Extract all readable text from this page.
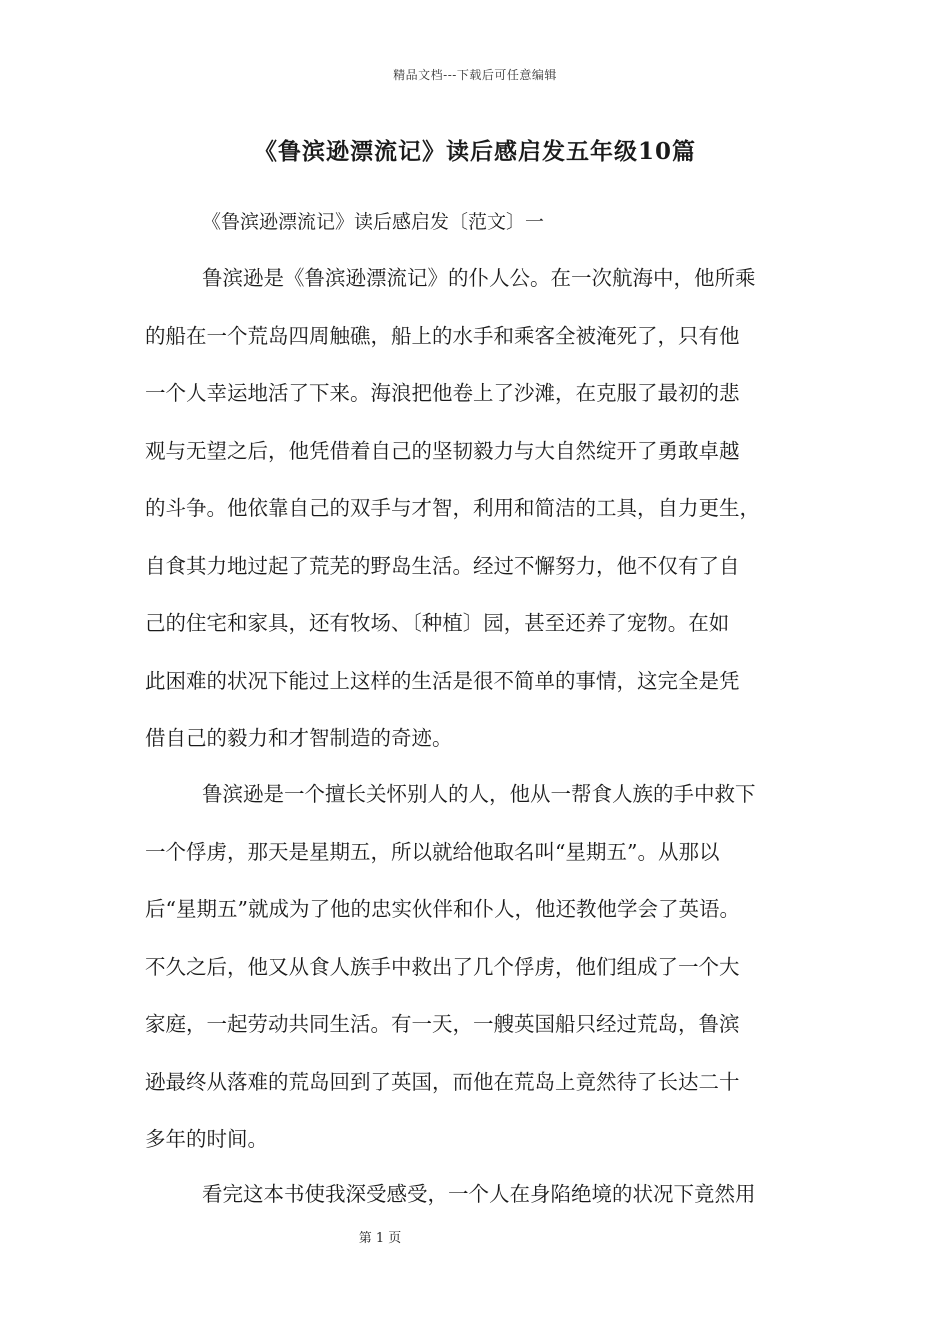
精品文档---下载后可任意编辑
《鲁滨逊漂流记》读后感启发五年级10篇
《鲁滨逊漂流记》读后感启发〔范文〕一
鲁滨逊是《鲁滨逊漂流记》的仆人公。在一次航海中，他所乘
的船在一个荒岛四周触礁，船上的水手和乘客全被淹死了，只有他
一个人幸运地活了下来。海浪把他卷上了沙滩，在克服了最初的悲
观与无望之后，他凭借着自己的坚韧毅力与大自然绽开了勇敢卓越
的斗争。他依靠自己的双手与才智，利用和简洁的工具，自力更生，
自食其力地过起了荒芜的野岛生活。经过不懈努力，他不仅有了自
己的住宅和家具，还有牧场、〔种植〕园，甚至还养了宠物。在如
此困难的状况下能过上这样的生活是很不简单的事情，这完全是凭
借自己的毅力和才智制造的奇迹。
鲁滨逊是一个擅长关怀别人的人，他从一帮食人族的手中救下
一个俘虏，那天是星期五，所以就给他取名叫“星期五”。从那以
后“星期五”就成为了他的忠实伙伴和仆人，他还教他学会了英语。
不久之后，他又从食人族手中救出了几个俘虏，他们组成了一个大
家庭，一起劳动共同生活。有一天，一艘英国船只经过荒岛，鲁滨
逊最终从落难的荒岛回到了英国，而他在荒岛上竟然待了长达二十
多年的时间。
看完这本书使我深受感受，一个人在身陷绝境的状况下竟然用
第 1 页
